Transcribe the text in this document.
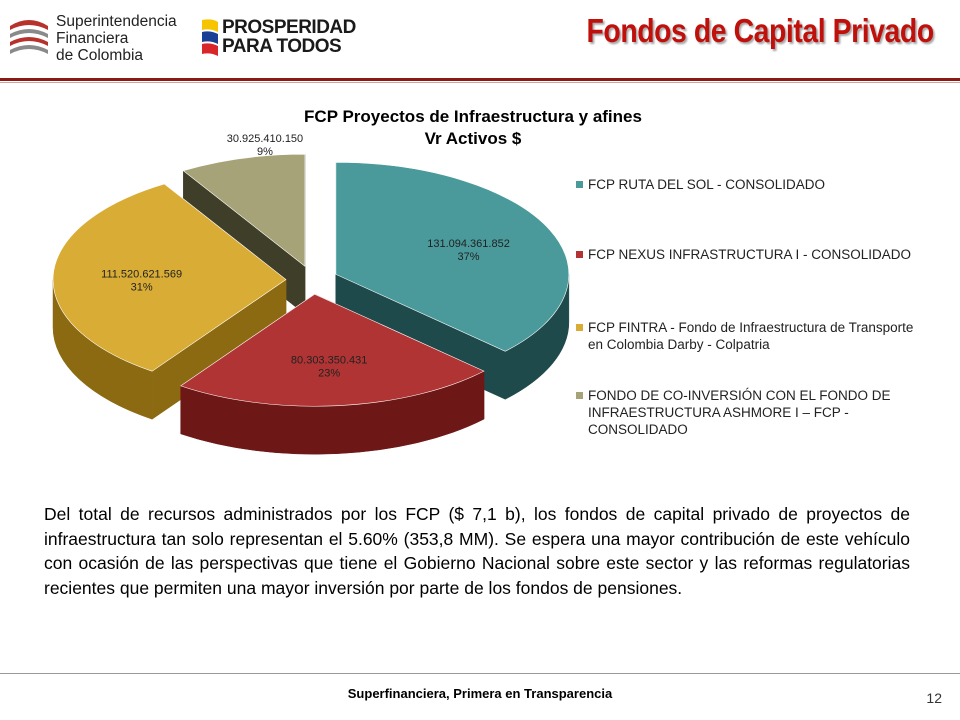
Superintendencia
Financiera
de Colombia
PROSPERIDAD
PARA TODOS	Fondos de Capital Privado
FCP Proyectos de Infraestructura y afines
Vr Activos $
131.094.361.852
37%
80.303.350.431
23%
111.520.621.569
31%
30.925.410.150
9%
FCP RUTA DEL SOL - CONSOLIDADO
FCP NEXUS INFRASTRUCTURA I - CONSOLIDADO
FCP FINTRA - Fondo de Infraestructura de Transporte en Colombia Darby - Colpatria
FONDO DE CO-INVERSIÓN CON EL FONDO DE INFRAESTRUCTURA ASHMORE I – FCP - CONSOLIDADO
Del total de recursos administrados por los FCP ($ 7,1 b), los fondos de capital privado de proyectos de infraestructura tan solo representan el 5.60% (353,8 MM). Se espera una mayor contribución de este vehículo con ocasión de las perspectivas que tiene el Gobierno Nacional sobre este sector y las reformas regulatorias recientes que permiten una mayor inversión por parte de los fondos de pensiones.
Superfinanciera, Primera en Transparencia	12
